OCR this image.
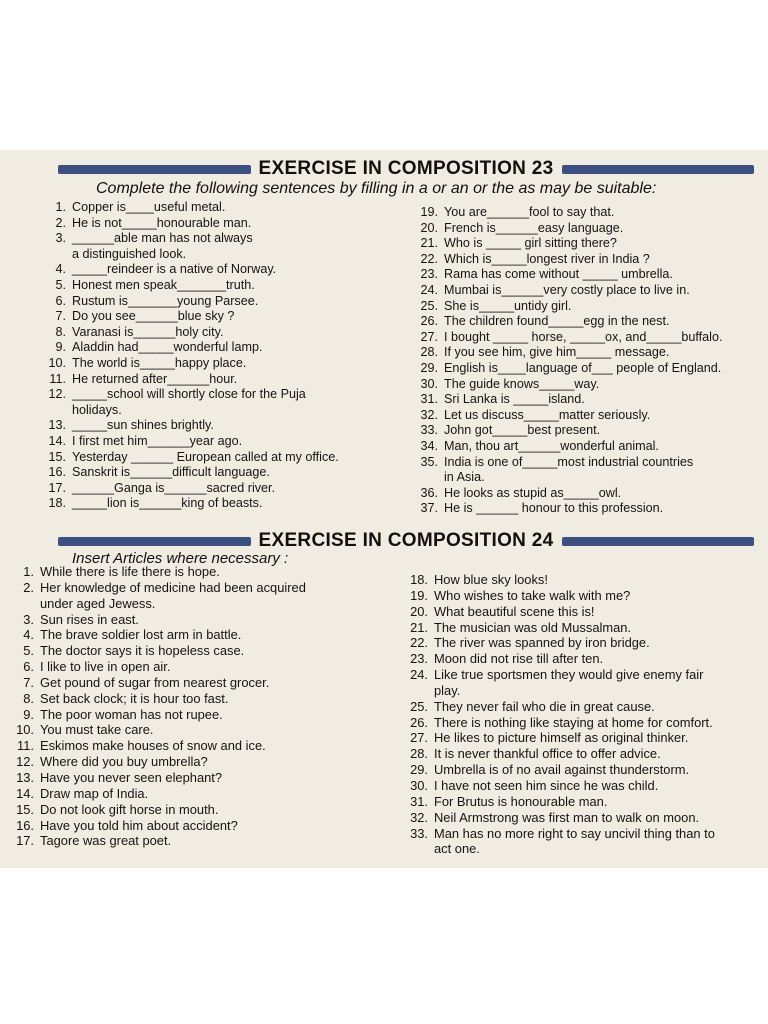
EXERCISE IN COMPOSITION 23
Complete the following sentences by filling in a or an or the as may be suitable:
1. Copper is____useful metal.
2. He is not_____honourable man.
3. ______able man has not always
a distinguished look.
4. _____reindeer is a native of Norway.
5. Honest men speak_______truth.
6. Rustum is_______young Parsee.
7. Do you see______blue sky ?
8. Varanasi is______holy city.
9. Aladdin had_____wonderful lamp.
10. The world is_____happy place.
11. He returned after______hour.
12. _____school will shortly close for the Puja
holidays.
13. _____sun shines brightly.
14. I first met him______year ago.
15. Yesterday ______ European called at my office.
16. Sanskrit is______difficult language.
17. ______Ganga is______sacred river.
18. _____lion is______king of beasts.
19. You are______fool to say that.
20. French is______easy language.
21. Who is _____ girl sitting there?
22. Which is_____longest river in India ?
23. Rama has come without _____ umbrella.
24. Mumbai is______very costly place to live in.
25. She is_____untidy girl.
26. The children found_____egg in the nest.
27. I bought _____ horse, _____ox, and_____buffalo.
28. If you see him, give him_____ message.
29. English is____language of___ people of England.
30. The guide knows_____way.
31. Sri Lanka is _____island.
32. Let us discuss_____matter seriously.
33. John got_____best present.
34. Man, thou art______wonderful animal.
35. India is one of_____most industrial countries
in Asia.
36. He looks as stupid as_____owl.
37. He is ______ honour to this profession.
EXERCISE IN COMPOSITION 24
Insert Articles where necessary :
1. While there is life there is hope.
2. Her knowledge of medicine had been acquired
under aged Jewess.
3. Sun rises in east.
4. The brave soldier lost arm in battle.
5. The doctor says it is hopeless case.
6. I like to live in open air.
7. Get pound of sugar from nearest grocer.
8. Set back clock; it is hour too fast.
9. The poor woman has not rupee.
10. You must take care.
11. Eskimos make houses of snow and ice.
12. Where did you buy umbrella?
13. Have you never seen elephant?
14. Draw map of India.
15. Do not look gift horse in mouth.
16. Have you told him about accident?
17. Tagore was great poet.
18. How blue sky looks!
19. Who wishes to take walk with me?
20. What beautiful scene this is!
21. The musician was old Mussalman.
22. The river was spanned by iron bridge.
23. Moon did not rise till after ten.
24. Like true sportsmen they would give enemy fair
play.
25. They never fail who die in great cause.
26. There is nothing like staying at home for comfort.
27. He likes to picture himself as original thinker.
28. It is never thankful office to offer advice.
29. Umbrella is of no avail against thunderstorm.
30. I have not seen him since he was child.
31. For Brutus is honourable man.
32. Neil Armstrong was first man to walk on moon.
33. Man has no more right to say uncivil thing than to
act one.
